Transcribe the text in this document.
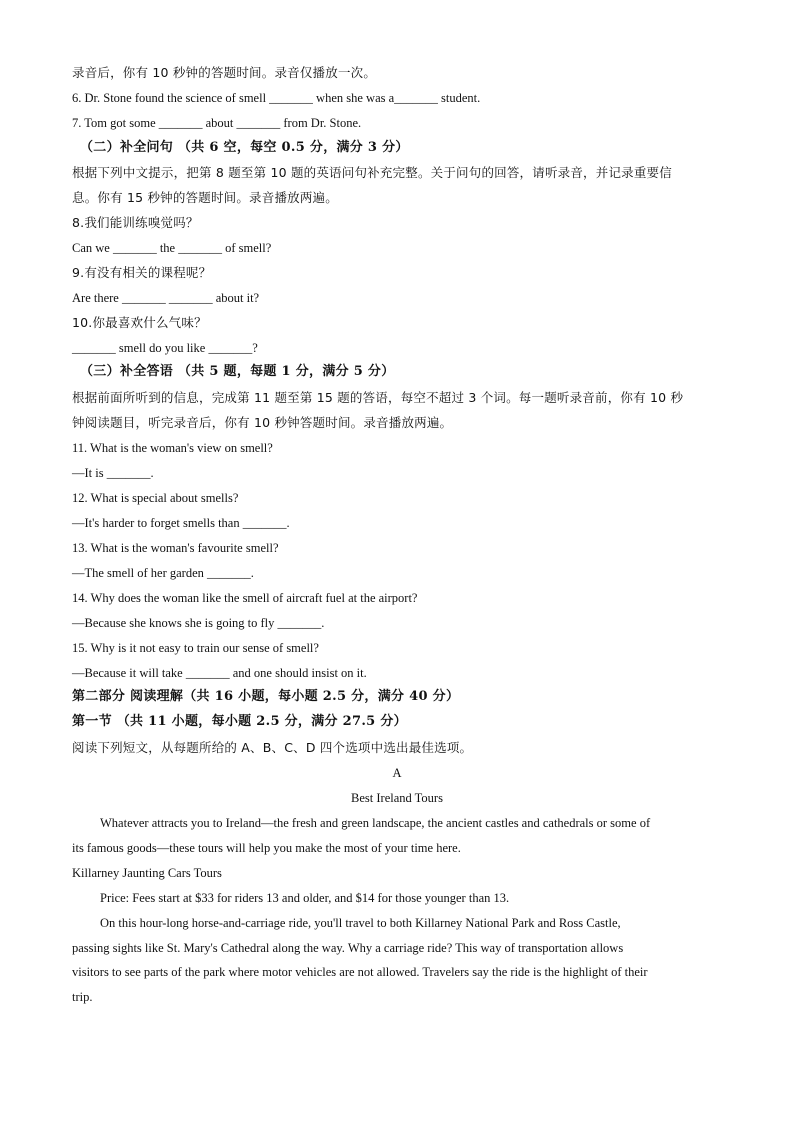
录音后，你有 10 秒钟的答题时间。录音仅播放一次。
6. Dr. Stone found the science of smell _______ when she was a_______ student.
7. Tom got some _______ about _______ from Dr. Stone.
（二）补全问句 （共 6 空，每空 0.5 分，满分 3 分）
根据下列中文提示，把第 8 题至第 10 题的英语问句补充完整。关于问句的回答，请听录音，并记录重要信
息。你有 15 秒钟的答题时间。录音播放两遍。
8.我们能训练嗅觉吗？
Can we _______ the _______ of smell?
9.有没有相关的课程呢？
Are there _______ _______ about it?
10.你最喜欢什么气味？
_______ smell do you like _______?
（三）补全答语 （共 5 题，每题 1 分，满分 5 分）
根据前面所听到的信息，完成第 11 题至第 15 题的答语，每空不超过 3 个词。每一题听录音前，你有 10 秒
钟阅读题目，听完录音后，你有 10 秒钟答题时间。录音播放两遍。
11. What is the woman's view on smell?
—It is _______.
12. What is special about smells?
—It's harder to forget smells than _______.
13. What is the woman's favourite smell?
—The smell of her garden _______.
14. Why does the woman like the smell of aircraft fuel at the airport?
—Because she knows she is going to fly _______.
15. Why is it not easy to train our sense of smell?
—Because it will take _______ and one should insist on it.
第二部分 阅读理解（共 16 小题，每小题 2.5 分，满分 40 分）
第一节 （共 11 小题，每小题 2.5 分，满分 27.5 分）
阅读下列短文，从每题所给的 A、B、C、D 四个选项中选出最佳选项。
A
Best Ireland Tours
Whatever attracts you to Ireland—the fresh and green landscape, the ancient castles and cathedrals or some of
its famous goods—these tours will help you make the most of your time here.
Killarney Jaunting Cars Tours
Price: Fees start at $33 for riders 13 and older, and $14 for those younger than 13.
On this hour-long horse-and-carriage ride, you'll travel to both Killarney National Park and Ross Castle,
passing sights like St. Mary's Cathedral along the way. Why a carriage ride? This way of transportation allows
visitors to see parts of the park where motor vehicles are not allowed. Travelers say the ride is the highlight of their
trip.
